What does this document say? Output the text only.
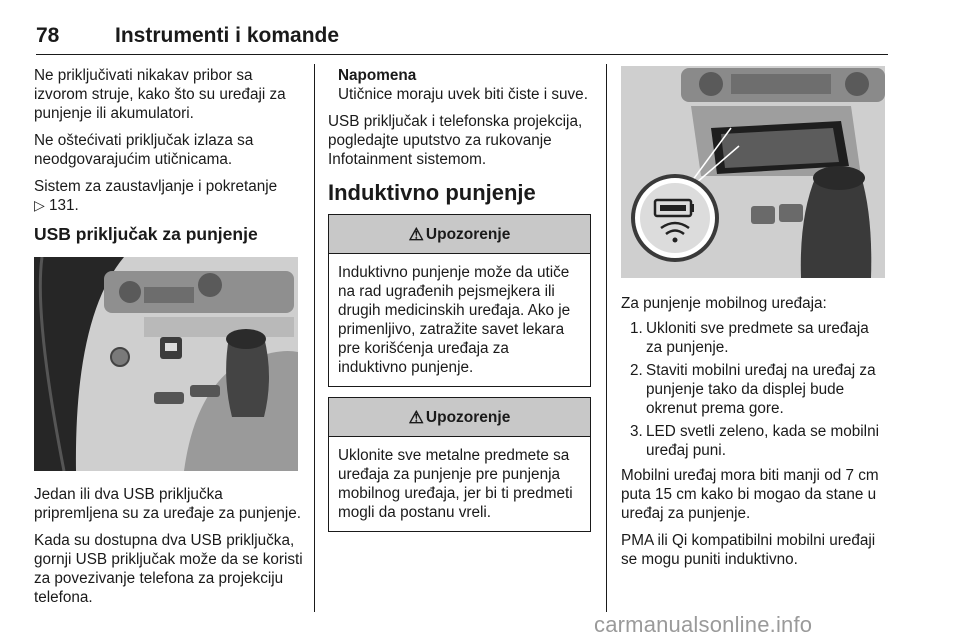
78	Instrumenti i komande

Ne priključivati nikakav pribor sa izvorom struje, kako što su uređaji za punjenje ili akumulatori.

Ne oštećivati priključak izlaza sa neodgovarajućim utičnicama.

Sistem za zaustavljanje i pokretanje
▷ 131.

USB priključak za punjenje

Jedan ili dva USB priključka pripremljena su za uređaje za punjenje.

Kada su dostupna dva USB priključka, gornji USB priključak može da se koristi za povezivanje telefona za projekciju telefona.

Napomena
Utičnice moraju uvek biti čiste i suve.

USB priključak i telefonska projekcija, pogledajte uputstvo za rukovanje Infotainment sistemom.

Induktivno punjenje
⚠ Upozorenje
Induktivno punjenje može da utiče na rad ugrađenih pejsmejkera ili drugih medicinskih uređaja. Ako je primenljivo, zatražite savet lekara pre korišćenja uređaja za induktivno punjenje.
⚠ Upozorenje
Uklonite sve metalne predmete sa uređaja za punjenje pre punjenja mobilnog uređaja, jer bi ti predmeti mogli da postanu vreli.

Za punjenje mobilnog uređaja:

1. Ukloniti sve predmete sa uređaja za punjenje.
2. Staviti mobilni uređaj na uređaj za punjenje tako da displej bude okrenut prema gore.
3. LED svetli zeleno, kada se mobilni uređaj puni.

Mobilni uređaj mora biti manji od 7 cm puta 15 cm kako bi mogao da stane u uređaj za punjenje.

PMA ili Qi kompatibilni mobilni uređaji se mogu puniti induktivno.

carmanualsonline.info
